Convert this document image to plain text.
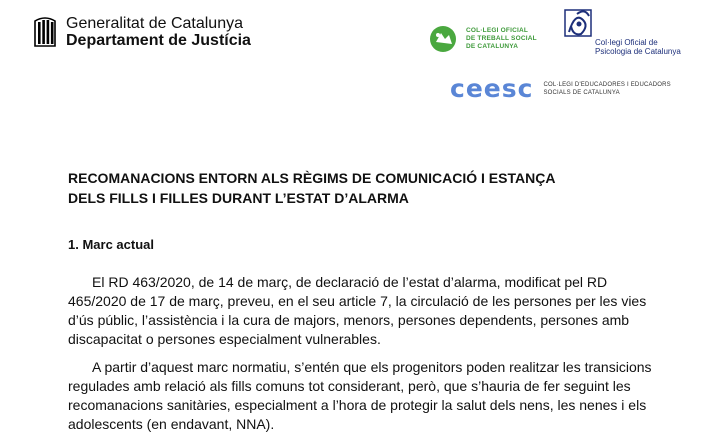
Generalitat de Catalunya
Departament de Justícia
COL·LEGI OFICIAL
DE TREBALL SOCIAL
DE CATALUNYA	Col·legi Oficial de
Psicologia de Catalunya
ceesc COL·LEGI D'EDUCADORES I EDUCADORS
SOCIALS DE CATALUNYA
RECOMANACIONS ENTORN ALS RÈGIMS DE COMUNICACIÓ I ESTANÇA
DELS FILLS I FILLES DURANT L’ESTAT D’ALARMA
1. Marc actual
El RD 463/2020, de 14 de març, de declaració de l’estat d’alarma, modificat pel RD 465/2020 de 17 de març, preveu, en el seu article 7, la circulació de les persones per les vies d’ús públic, l’assistència i la cura de majors, menors, persones dependents, persones amb discapacitat o persones especialment vulnerables.
A partir d’aquest marc normatiu, s’entén que els progenitors poden realitzar les transicions regulades amb relació als fills comuns tot considerant, però, que s’hauria de fer seguint les recomanacions sanitàries, especialment a l’hora de protegir la salut dels nens, les nenes i els adolescents (en endavant, NNA).
